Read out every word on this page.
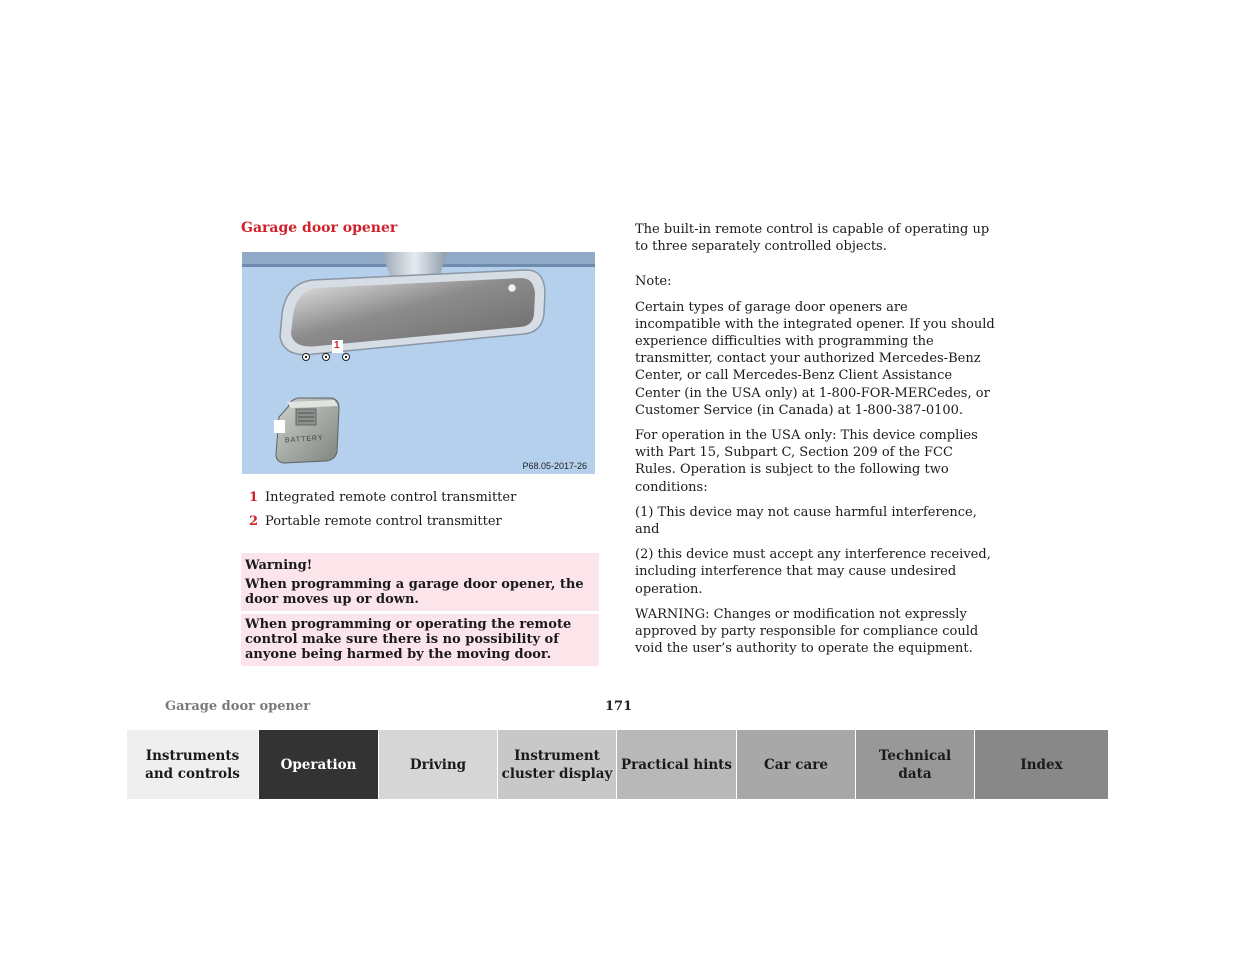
Garage door opener
1
BATTERY
P68.05-2017-26
1 Integrated remote control transmitter
2 Portable remote control transmitter
Warning!
When programming a garage door opener, the door moves up or down.
When programming or operating the remote control make sure there is no possibility of anyone being harmed by the moving door.

The built-in remote control is capable of operating up to three separately controlled objects.

Note:

Certain types of garage door openers are incompatible with the integrated opener. If you should experience difficulties with programming the transmitter, contact your authorized Mercedes-Benz Center, or call Mercedes-Benz Client Assistance Center (in the USA only) at 1-800-FOR-MERCedes, or Customer Service (in Canada) at 1-800-387-0100.

For operation in the USA only: This device complies with Part 15, Subpart C, Section 209 of the FCC Rules. Operation is subject to the following two conditions:

(1) This device may not cause harmful interference, and

(2) this device must accept any interference received, including interference that may cause undesired operation.

WARNING: Changes or modification not expressly approved by party responsible for compliance could void the user’s authority to operate the equipment.

Garage door opener	171
Instruments
and controls
Operation	Driving
Instrument
cluster display
Practical hints Car care
Technical
data
Index
